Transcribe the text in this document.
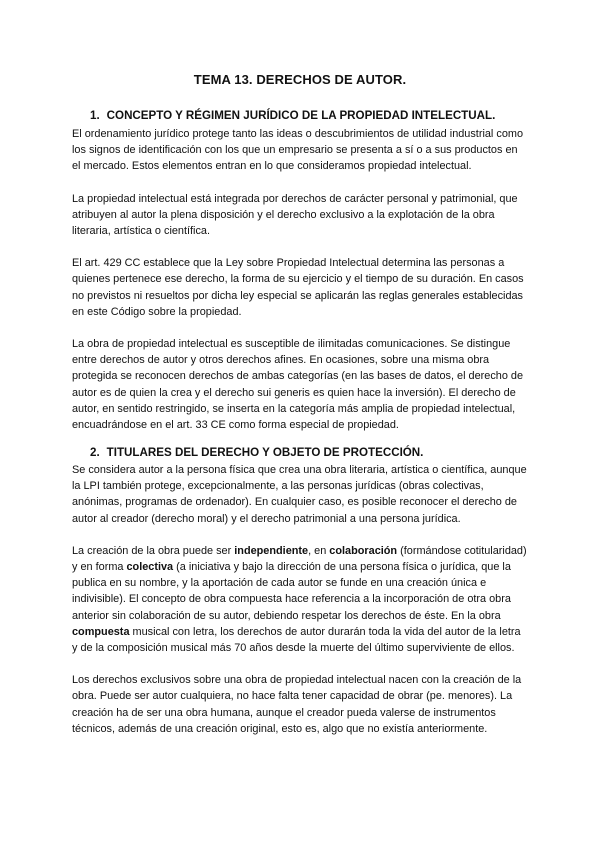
TEMA 13. DERECHOS DE AUTOR.
1. CONCEPTO Y RÉGIMEN JURÍDICO DE LA PROPIEDAD INTELECTUAL.

El ordenamiento jurídico protege tanto las ideas o descubrimientos de utilidad industrial como los signos de identificación con los que un empresario se presenta a sí o a sus productos en el mercado. Estos elementos entran en lo que consideramos propiedad intelectual.

La propiedad intelectual está integrada por derechos de carácter personal y patrimonial, que atribuyen al autor la plena disposición y el derecho exclusivo a la explotación de la obra literaria, artística o científica.

El art. 429 CC establece que la Ley sobre Propiedad Intelectual determina las personas a quienes pertenece ese derecho, la forma de su ejercicio y el tiempo de su duración. En casos no previstos ni resueltos por dicha ley especial se aplicarán las reglas generales establecidas en este Código sobre la propiedad.

La obra de propiedad intelectual es susceptible de ilimitadas comunicaciones. Se distingue entre derechos de autor y otros derechos afines. En ocasiones, sobre una misma obra protegida se reconocen derechos de ambas categorías (en las bases de datos, el derecho de autor es de quien la crea y el derecho sui generis es quien hace la inversión). El derecho de autor, en sentido restringido, se inserta en la categoría más amplia de propiedad intelectual, encuadrándose en el art. 33 CE como forma especial de propiedad.

2. TITULARES DEL DERECHO Y OBJETO DE PROTECCIÓN.

Se considera autor a la persona física que crea una obra literaria, artística o científica, aunque la LPI también protege, excepcionalmente, a las personas jurídicas (obras colectivas, anónimas, programas de ordenador). En cualquier caso, es posible reconocer el derecho de autor al creador (derecho moral) y el derecho patrimonial a una persona jurídica.

La creación de la obra puede ser independiente, en colaboración (formándose cotitularidad) y en forma colectiva (a iniciativa y bajo la dirección de una persona física o jurídica, que la publica en su nombre, y la aportación de cada autor se funde en una creación única e indivisible). El concepto de obra compuesta hace referencia a la incorporación de otra obra anterior sin colaboración de su autor, debiendo respetar los derechos de éste. En la obra compuesta musical con letra, los derechos de autor durarán toda la vida del autor de la letra y de la composición musical más 70 años desde la muerte del último superviviente de ellos.

Los derechos exclusivos sobre una obra de propiedad intelectual nacen con la creación de la obra. Puede ser autor cualquiera, no hace falta tener capacidad de obrar (pe. menores). La creación ha de ser una obra humana, aunque el creador pueda valerse de instrumentos técnicos, además de una creación original, esto es, algo que no existía anteriormente.
